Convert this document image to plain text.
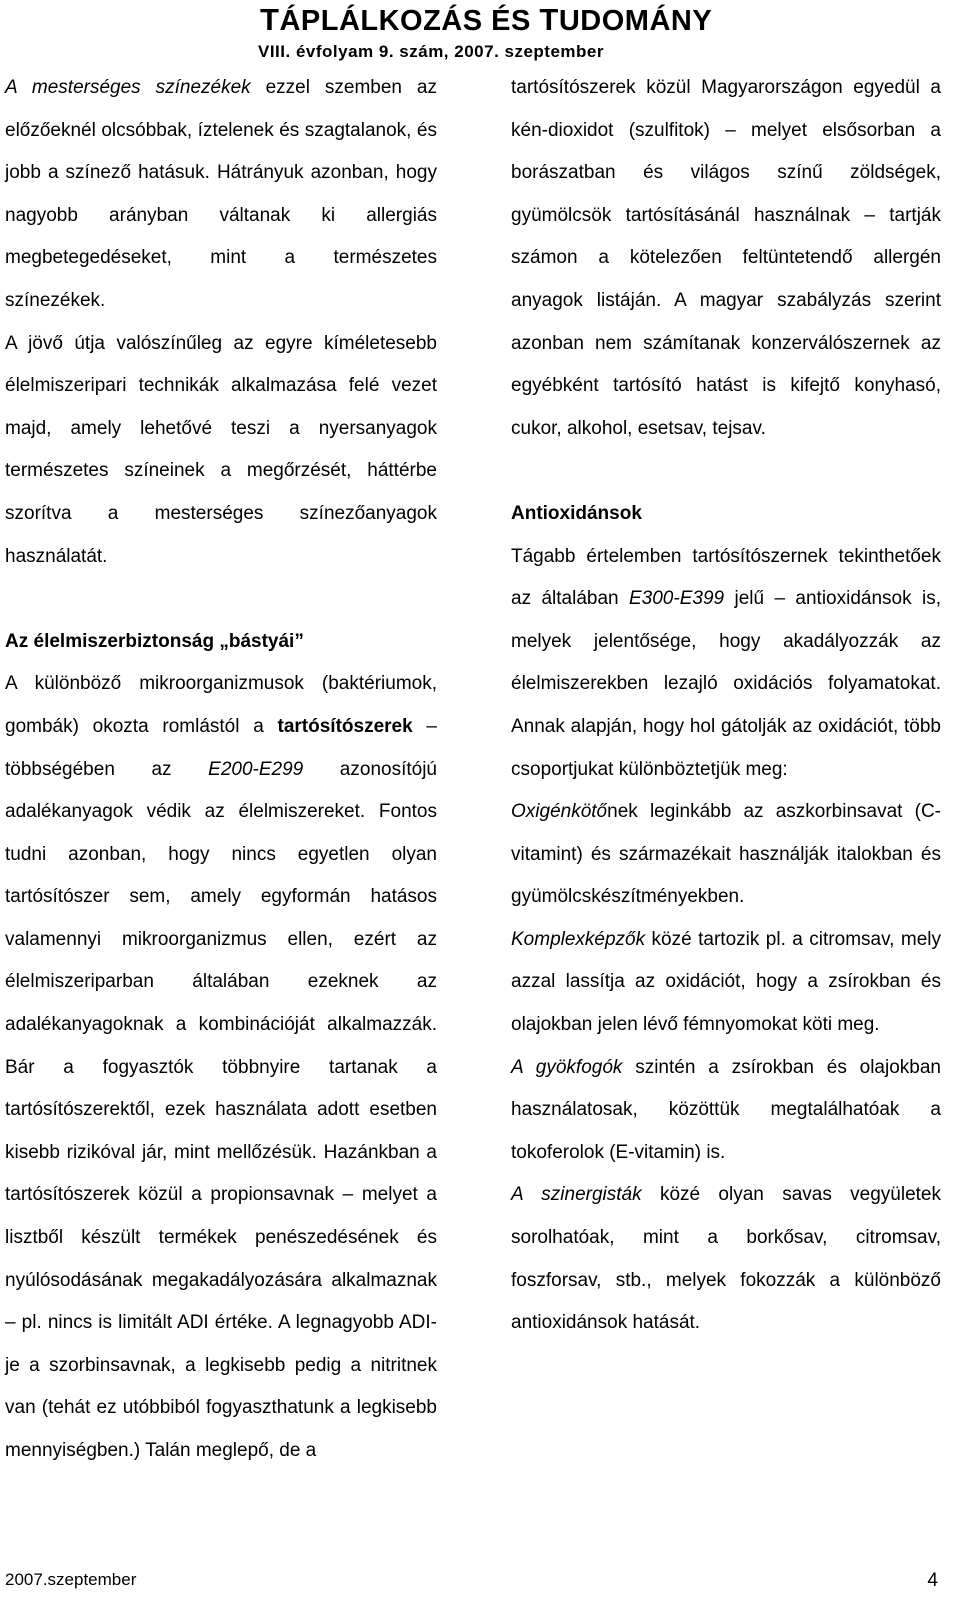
TÁPLÁLKOZÁS ÉS TUDOMÁNY
VIII. évfolyam 9. szám, 2007. szeptember

A mesterséges színezékek ezzel szemben az előzőeknél olcsóbbak, íztelenek és szagtalanok, és jobb a színező hatásuk. Hátrányuk azonban, hogy nagyobb arányban váltanak ki allergiás megbetegedéseket, mint a természetes színezékek.

A jövő útja valószínűleg az egyre kíméletesebb élelmiszeripari technikák alkalmazása felé vezet majd, amely lehetővé teszi a nyersanyagok természetes színeinek a megőrzését, háttérbe szorítva a mesterséges színezőanyagok használatát.

Az élelmiszerbiztonság „bástyái”

A különböző mikroorganizmusok (baktériumok, gombák) okozta romlástól a tartósítószerek – többségében az E200-E299 azonosítójú adalékanyagok védik az élelmiszereket. Fontos tudni azonban, hogy nincs egyetlen olyan tartósítószer sem, amely egyformán hatásos valamennyi mikroorganizmus ellen, ezért az élelmiszeriparban általában ezeknek az adalékanyagoknak a kombinációját alkalmazzák. Bár a fogyasztók többnyire tartanak a tartósítószerektől, ezek használata adott esetben kisebb rizikóval jár, mint mellőzésük. Hazánkban a tartósítószerek közül a propionsavnak – melyet a lisztből készült termékek penészedésének és nyúlósodásának megakadályozására alkalmaznak – pl. nincs is limitált ADI értéke. A legnagyobb ADI-je a szorbinsavnak, a legkisebb pedig a nitritnek van (tehát ez utóbbiból fogyaszthatunk a legkisebb mennyiségben.) Talán meglepő, de a

tartósítószerek közül Magyarországon egyedül a kén-dioxidot (szulfitok) – melyet elsősorban a borászatban és világos színű zöldségek, gyümölcsök tartósításánál használnak – tartják számon a kötelezően feltüntetendő allergén anyagok listáján. A magyar szabályzás szerint azonban nem számítanak konzerválószernek az egyébként tartósító hatást is kifejtő konyhasó, cukor, alkohol, esetsav, tejsav.

Antioxidánsok

Tágabb értelemben tartósítószernek tekinthetőek az általában E300-E399 jelű – antioxidánsok is, melyek jelentősége, hogy akadályozzák az élelmiszerekben lezajló oxidációs folyamatokat. Annak alapján, hogy hol gátolják az oxidációt, több csoportjukat különböztetjük meg:

Oxigénkötőnek leginkább az aszkorbinsavat (C-vitamint) és származékait használják italokban és gyümölcskészítményekben.

Komplexképzők közé tartozik pl. a citromsav, mely azzal lassítja az oxidációt, hogy a zsírokban és olajokban jelen lévő fémnyomokat köti meg.

A gyökfogók szintén a zsírokban és olajokban használatosak, közöttük megtalálhatóak a tokoferolok (E-vitamin) is.

A szinergisták közé olyan savas vegyületek sorolhatóak, mint a borkősav, citromsav, foszforsav, stb., melyek fokozzák a különböző antioxidánsok hatását.

2007.szeptember	4
